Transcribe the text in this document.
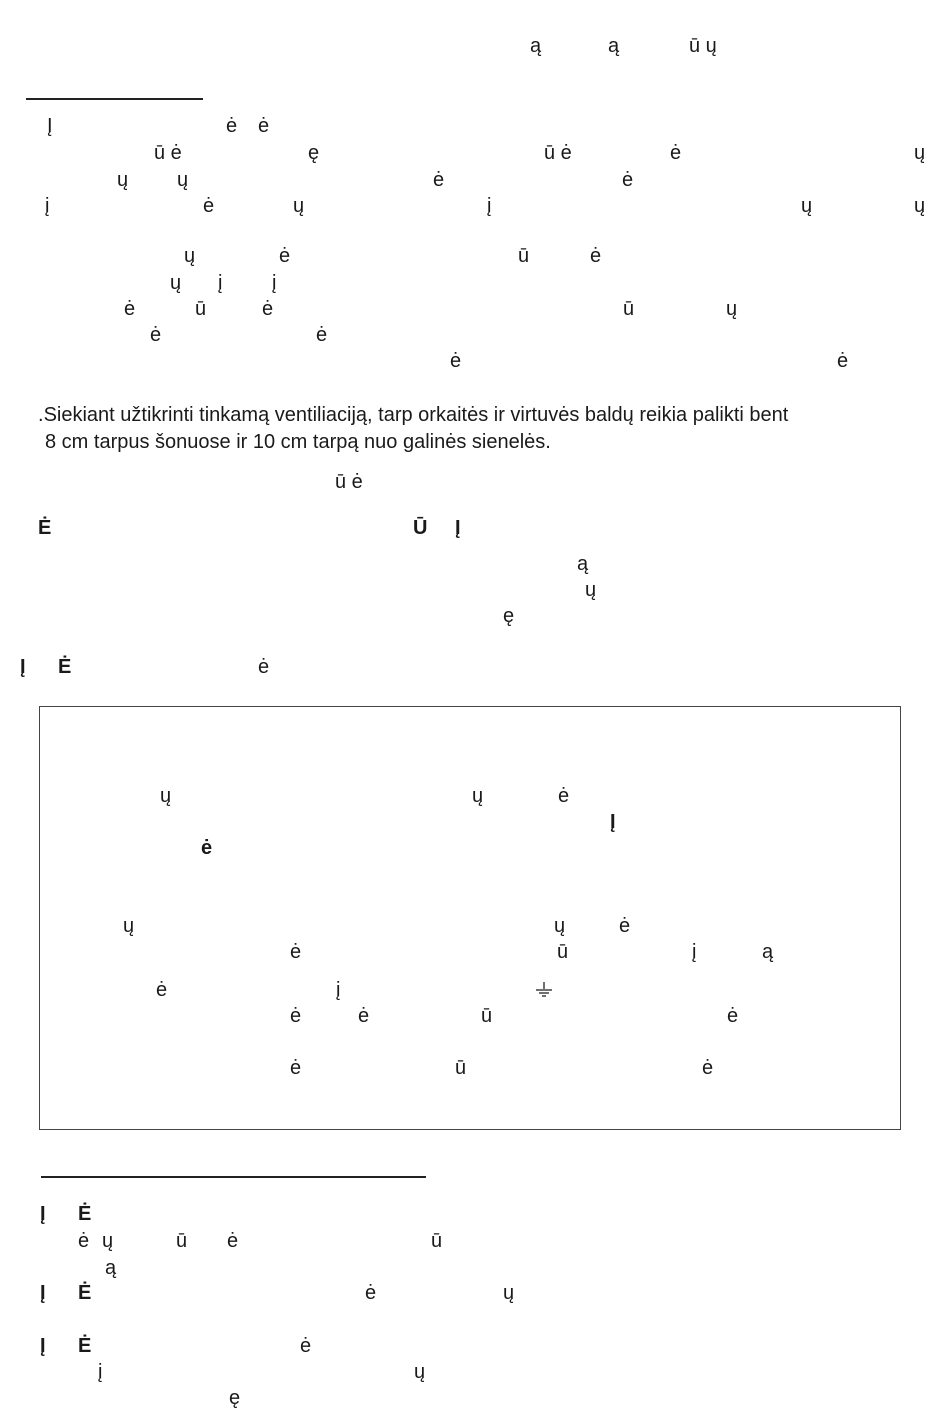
ą	ą	ū ų
Į	ė ė
ū ė	ę	ū ė	ė	ų
ų ų	ė	ė
į	ė	ų	į	ų	ų
ų	ė	ū	ė
ų į į
ė	ū	ė	ū	ų
ė	ė
ė	ė
.Siekiant užtikrinti tinkamą ventiliaciją, tarp orkaitės ir virtuvės baldų reikia palikti bent
8 cm tarpus šonuose ir 10 cm tarpą nuo galinės sienelės.
ū ė
Ė	Ū Į
ą
ų
ę
Į Ė	ė
ų	ų	ė
Į
ė
ų	ų	ė
ė	ū	į	ą
ė	į
ė	ė	ū	ė
ė	ū	ė
Į Ė
ė ų	ū ė	ū
ą
Į Ė	ė	ų
Į Ė	ė
į	ų
ę
